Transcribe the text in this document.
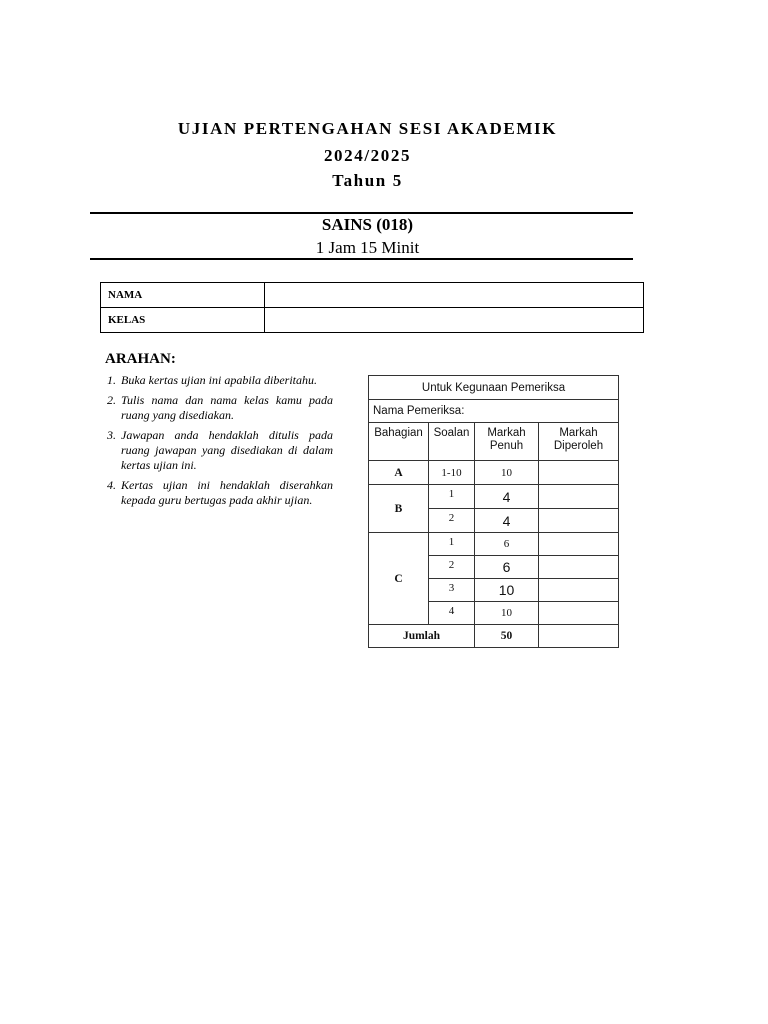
UJIAN PERTENGAHAN SESI AKADEMIK
2024/2025
Tahun 5
SAINS (018)
1 Jam 15 Minit
NAMA	
KELAS	
ARAHAN:
1. Buka kertas ujian ini apabila diberitahu.
2. Tulis nama dan nama kelas kamu pada ruang yang disediakan.
3. Jawapan anda hendaklah ditulis pada ruang jawapan yang disediakan di dalam kertas ujian ini.
4. Kertas ujian ini hendaklah diserahkan kepada guru bertugas pada akhir ujian.
Untuk Kegunaan Pemeriksa			
Nama Pemeriksa:			
Bahagian	Soalan	Markah Penuh	Markah Diperoleh
A	1-10	10	
B	1	4	
	2	4	
C	1	6	
	2	6	
	3	10	
	4	10	
Jumlah		50	
